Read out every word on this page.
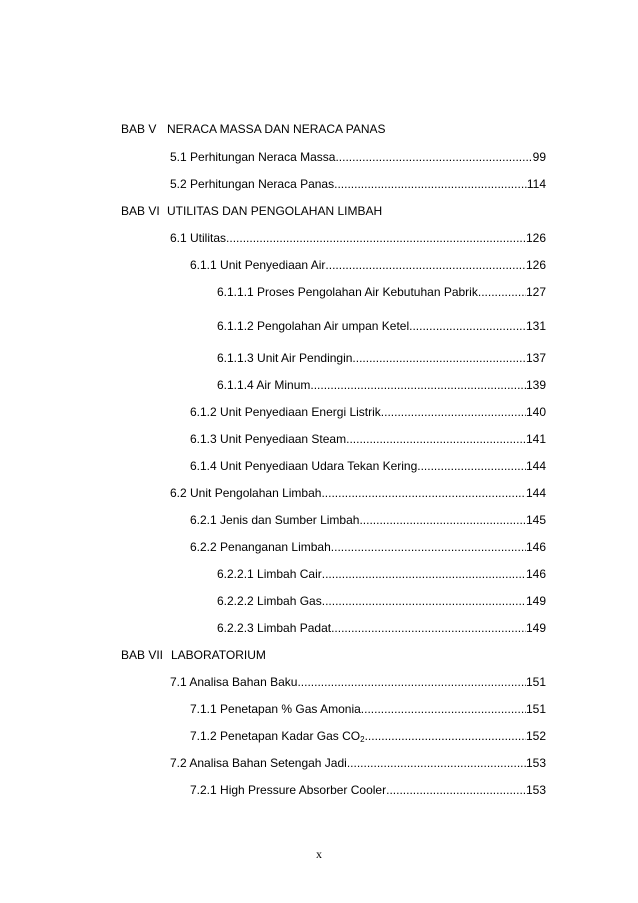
BAB V NERACA MASSA DAN NERACA PANAS
5.1 Perhitungan Neraca Massa .....	99
5.2 Perhitungan Neraca Panas .....	114
BAB VI UTILITAS DAN PENGOLAHAN LIMBAH
6.1 Utilitas .....	126
6.1.1 Unit Penyediaan Air .....	126
6.1.1.1 Proses Pengolahan Air Kebutuhan Pabrik .....	127
6.1.1.2 Pengolahan Air umpan Ketel .....	131
6.1.1.3 Unit Air Pendingin .....	137
6.1.1.4 Air Minum .....	139
6.1.2 Unit Penyediaan Energi Listrik .....	140
6.1.3 Unit Penyediaan Steam .....	141
6.1.4 Unit Penyediaan Udara Tekan Kering .....	144
6.2 Unit Pengolahan Limbah .....	144
6.2.1 Jenis dan Sumber Limbah .....	145
6.2.2 Penanganan Limbah .....	146
6.2.2.1 Limbah Cair .....	146
6.2.2.2 Limbah Gas .....	149
6.2.2.3 Limbah Padat .....	149
BAB VII LABORATORIUM
7.1 Analisa Bahan Baku .....	151
7.1.1 Penetapan % Gas Amonia .....	151
7.1.2 Penetapan Kadar Gas $CO_2$ .....	152
7.2 Analisa Bahan Setengah Jadi .....	153
7.2.1 High Pressure Absorber Cooler .....	153
x
